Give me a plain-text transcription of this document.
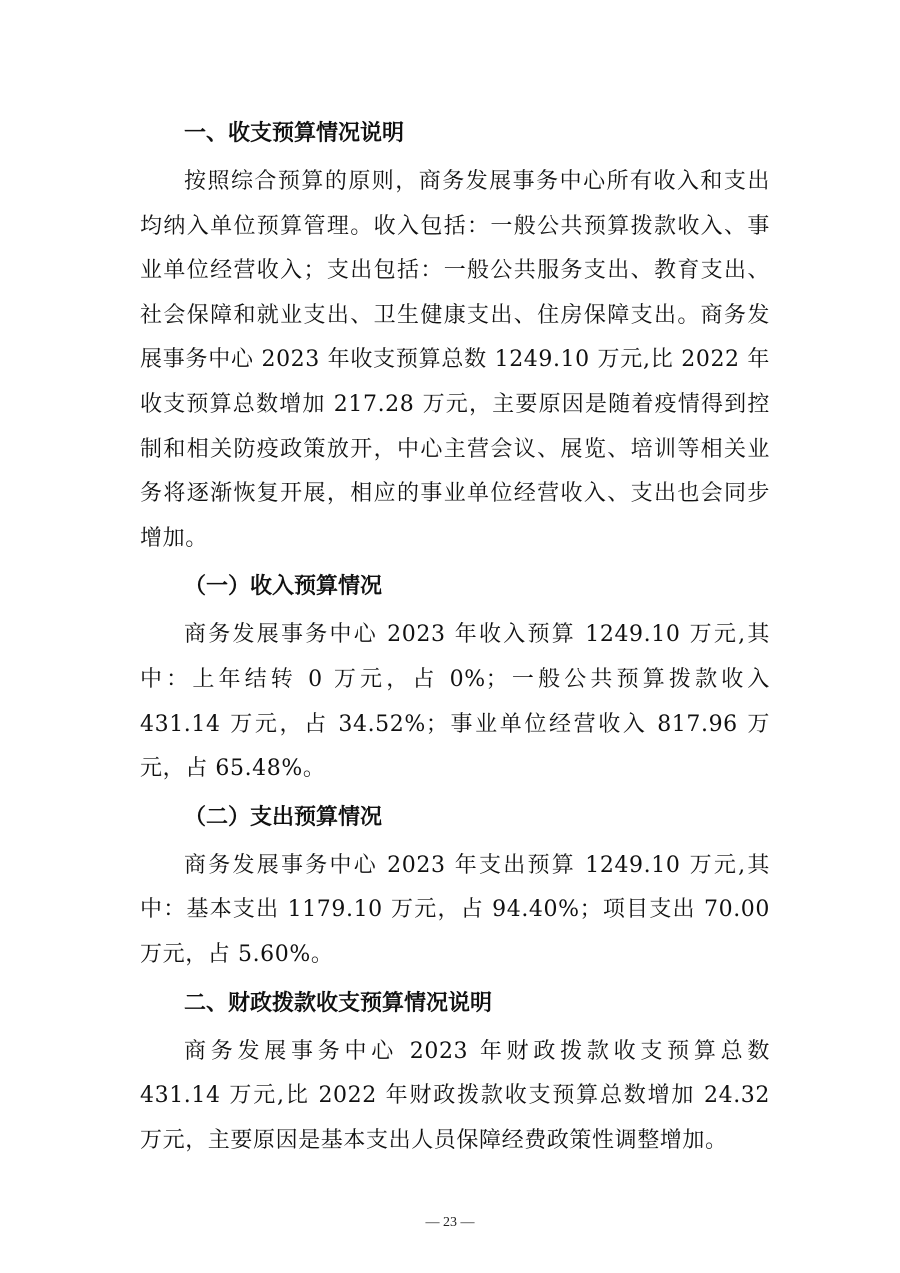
一、收支预算情况说明

按照综合预算的原则，商务发展事务中心所有收入和支出均纳入单位预算管理。收入包括：一般公共预算拨款收入、事业单位经营收入；支出包括：一般公共服务支出、教育支出、社会保障和就业支出、卫生健康支出、住房保障支出。商务发展事务中心 2023 年收支预算总数 1249.10 万元,比 2022 年收支预算总数增加 217.28 万元，主要原因是随着疫情得到控制和相关防疫政策放开，中心主营会议、展览、培训等相关业务将逐渐恢复开展，相应的事业单位经营收入、支出也会同步增加。

（一）收入预算情况

商务发展事务中心 2023 年收入预算 1249.10 万元,其中：上年结转 0 万元，占 0%；一般公共预算拨款收入 431.14 万元，占 34.52%；事业单位经营收入 817.96 万元，占 65.48%。

（二）支出预算情况

商务发展事务中心 2023 年支出预算 1249.10 万元,其中：基本支出 1179.10 万元，占 94.40%；项目支出 70.00 万元，占 5.60%。

二、财政拨款收支预算情况说明

商务发展事务中心 2023 年财政拨款收支预算总数 431.14 万元,比 2022 年财政拨款收支预算总数增加 24.32 万元，主要原因是基本支出人员保障经费政策性调整增加。

— 23 —
